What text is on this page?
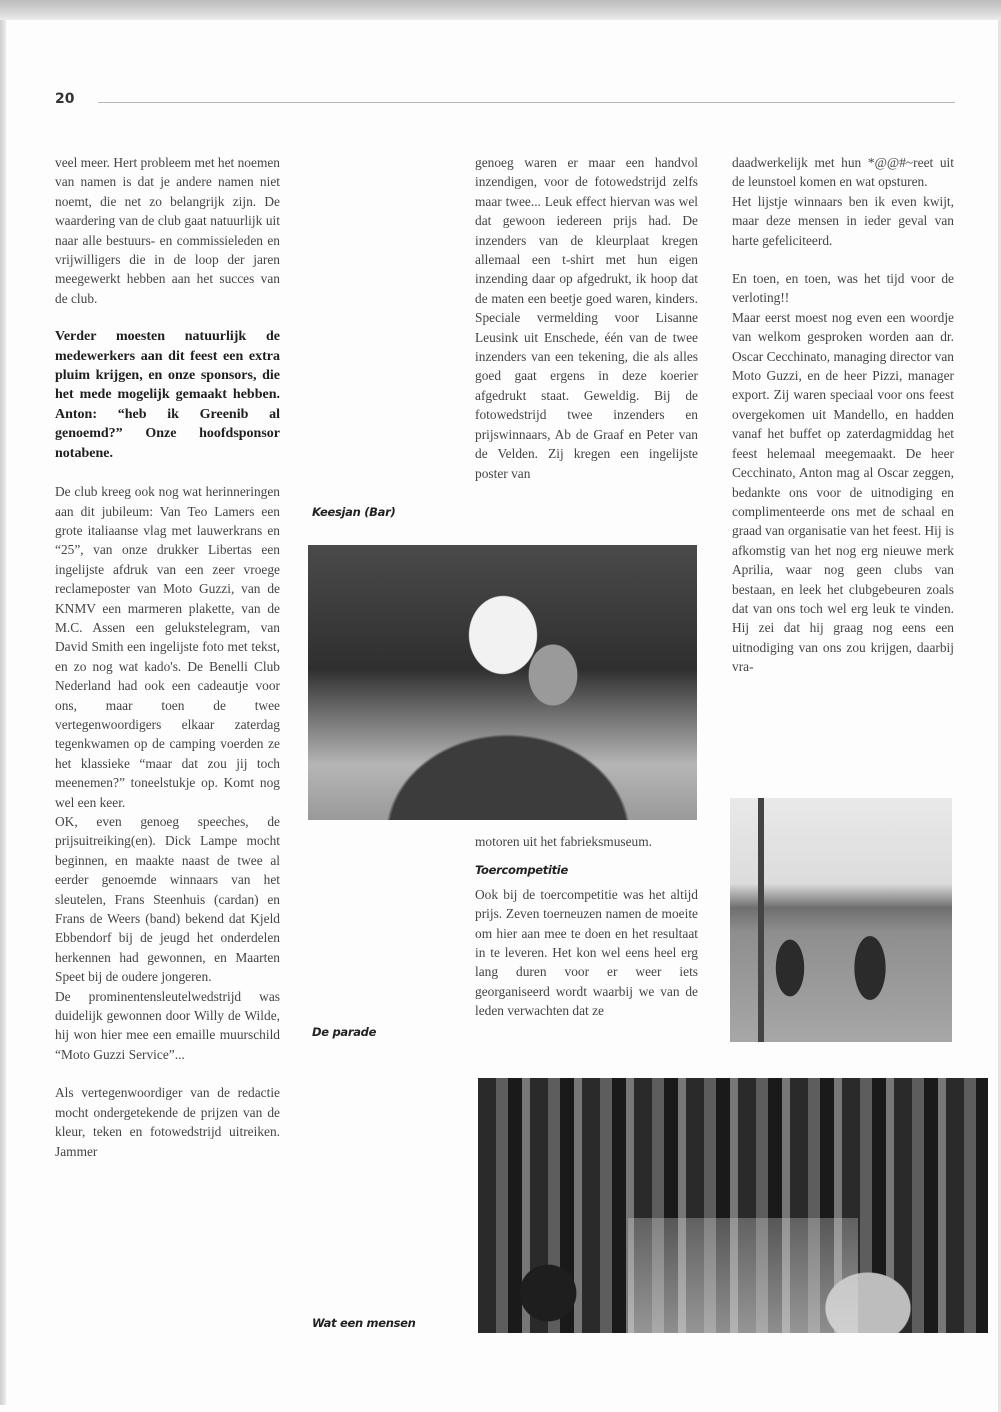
20

veel meer. Hert probleem met het noemen van namen is dat je andere namen niet noemt, die net zo belangrijk zijn. De waardering van de club gaat natuurlijk uit naar alle bestuurs- en commissieleden en vrijwilligers die in de loop der jaren meegewerkt hebben aan het succes van de club.

Verder moesten natuurlijk de medewerkers aan dit feest een extra pluim krijgen, en onze sponsors, die het mede mogelijk gemaakt hebben. Anton: “heb ik Greenib al genoemd?” Onze hoofdsponsor notabene.

De club kreeg ook nog wat herinneringen aan dit jubileum: Van Teo Lamers een grote italiaanse vlag met lauwerkrans en “25”, van onze drukker Libertas een ingelijste afdruk van een zeer vroege reclameposter van Moto Guzzi, van de KNMV een marmeren plakette, van de M.C. Assen een gelukstelegram, van David Smith een ingelijste foto met tekst, en zo nog wat kado's. De Benelli Club Nederland had ook een cadeautje voor ons, maar toen de twee vertegenwoordigers elkaar zaterdag tegenkwamen op de camping voerden ze het klassieke “maar dat zou jij toch meenemen?” toneelstukje op. Komt nog wel een keer.

OK, even genoeg speeches, de prijsuitreiking(en). Dick Lampe mocht beginnen, en maakte naast de twee al eerder genoemde winnaars van het sleutelen, Frans Steenhuis (cardan) en Frans de Weers (band) bekend dat Kjeld Ebbendorf bij de jeugd het onderdelen herkennen had gewonnen, en Maarten Speet bij de oudere jongeren.

De prominentensleutelwedstrijd was duidelijk gewonnen door Willy de Wilde, hij won hier mee een emaille muurschild “Moto Guzzi Service”...

Als vertegenwoordiger van de redactie mocht ondergetekende de prijzen van de kleur, teken en fotowedstrijd uitreiken. Jammer

Keesjan (Bar)
De parade
Wat een mensen

genoeg waren er maar een handvol inzendigen, voor de fotowedstrijd zelfs maar twee... Leuk effect hiervan was wel dat gewoon iedereen prijs had. De inzenders van de kleurplaat kregen allemaal een t-shirt met hun eigen inzending daar op afgedrukt, ik hoop dat de maten een beetje goed waren, kinders. Speciale vermelding voor Lisanne Leusink uit Enschede, één van de twee inzenders van een tekening, die als alles goed gaat ergens in deze koerier afgedrukt staat. Geweldig. Bij de fotowedstrijd twee inzenders en prijswinnaars, Ab de Graaf en Peter van de Velden. Zij kregen een ingelijste poster van

motoren uit het fabrieksmuseum.

Toercompetitie

Ook bij de toercompetitie was het altijd prijs. Zeven toerneuzen namen de moeite om hier aan mee te doen en het resultaat in te leveren. Het kon wel eens heel erg lang duren voor er weer iets georganiseerd wordt waarbij we van de leden verwachten dat ze

daadwerkelijk met hun *@@#~reet uit de leunstoel komen en wat opsturen.

Het lijstje winnaars ben ik even kwijt, maar deze mensen in ieder geval van harte gefeliciteerd.

En toen, en toen, was het tijd voor de verloting!!

Maar eerst moest nog even een woordje van welkom gesproken worden aan dr. Oscar Cecchinato, managing director van Moto Guzzi, en de heer Pizzi, manager export. Zij waren speciaal voor ons feest overgekomen uit Mandello, en hadden vanaf het buffet op zaterdagmiddag het feest helemaal meegemaakt. De heer Cecchinato, Anton mag al Oscar zeggen, bedankte ons voor de uitnodiging en complimenteerde ons met de schaal en graad van organisatie van het feest. Hij is afkomstig van het nog erg nieuwe merk Aprilia, waar nog geen clubs van bestaan, en leek het clubgebeuren zoals dat van ons toch wel erg leuk te vinden. Hij zei dat hij graag nog eens een uitnodiging van ons zou krijgen, daarbij vra-
